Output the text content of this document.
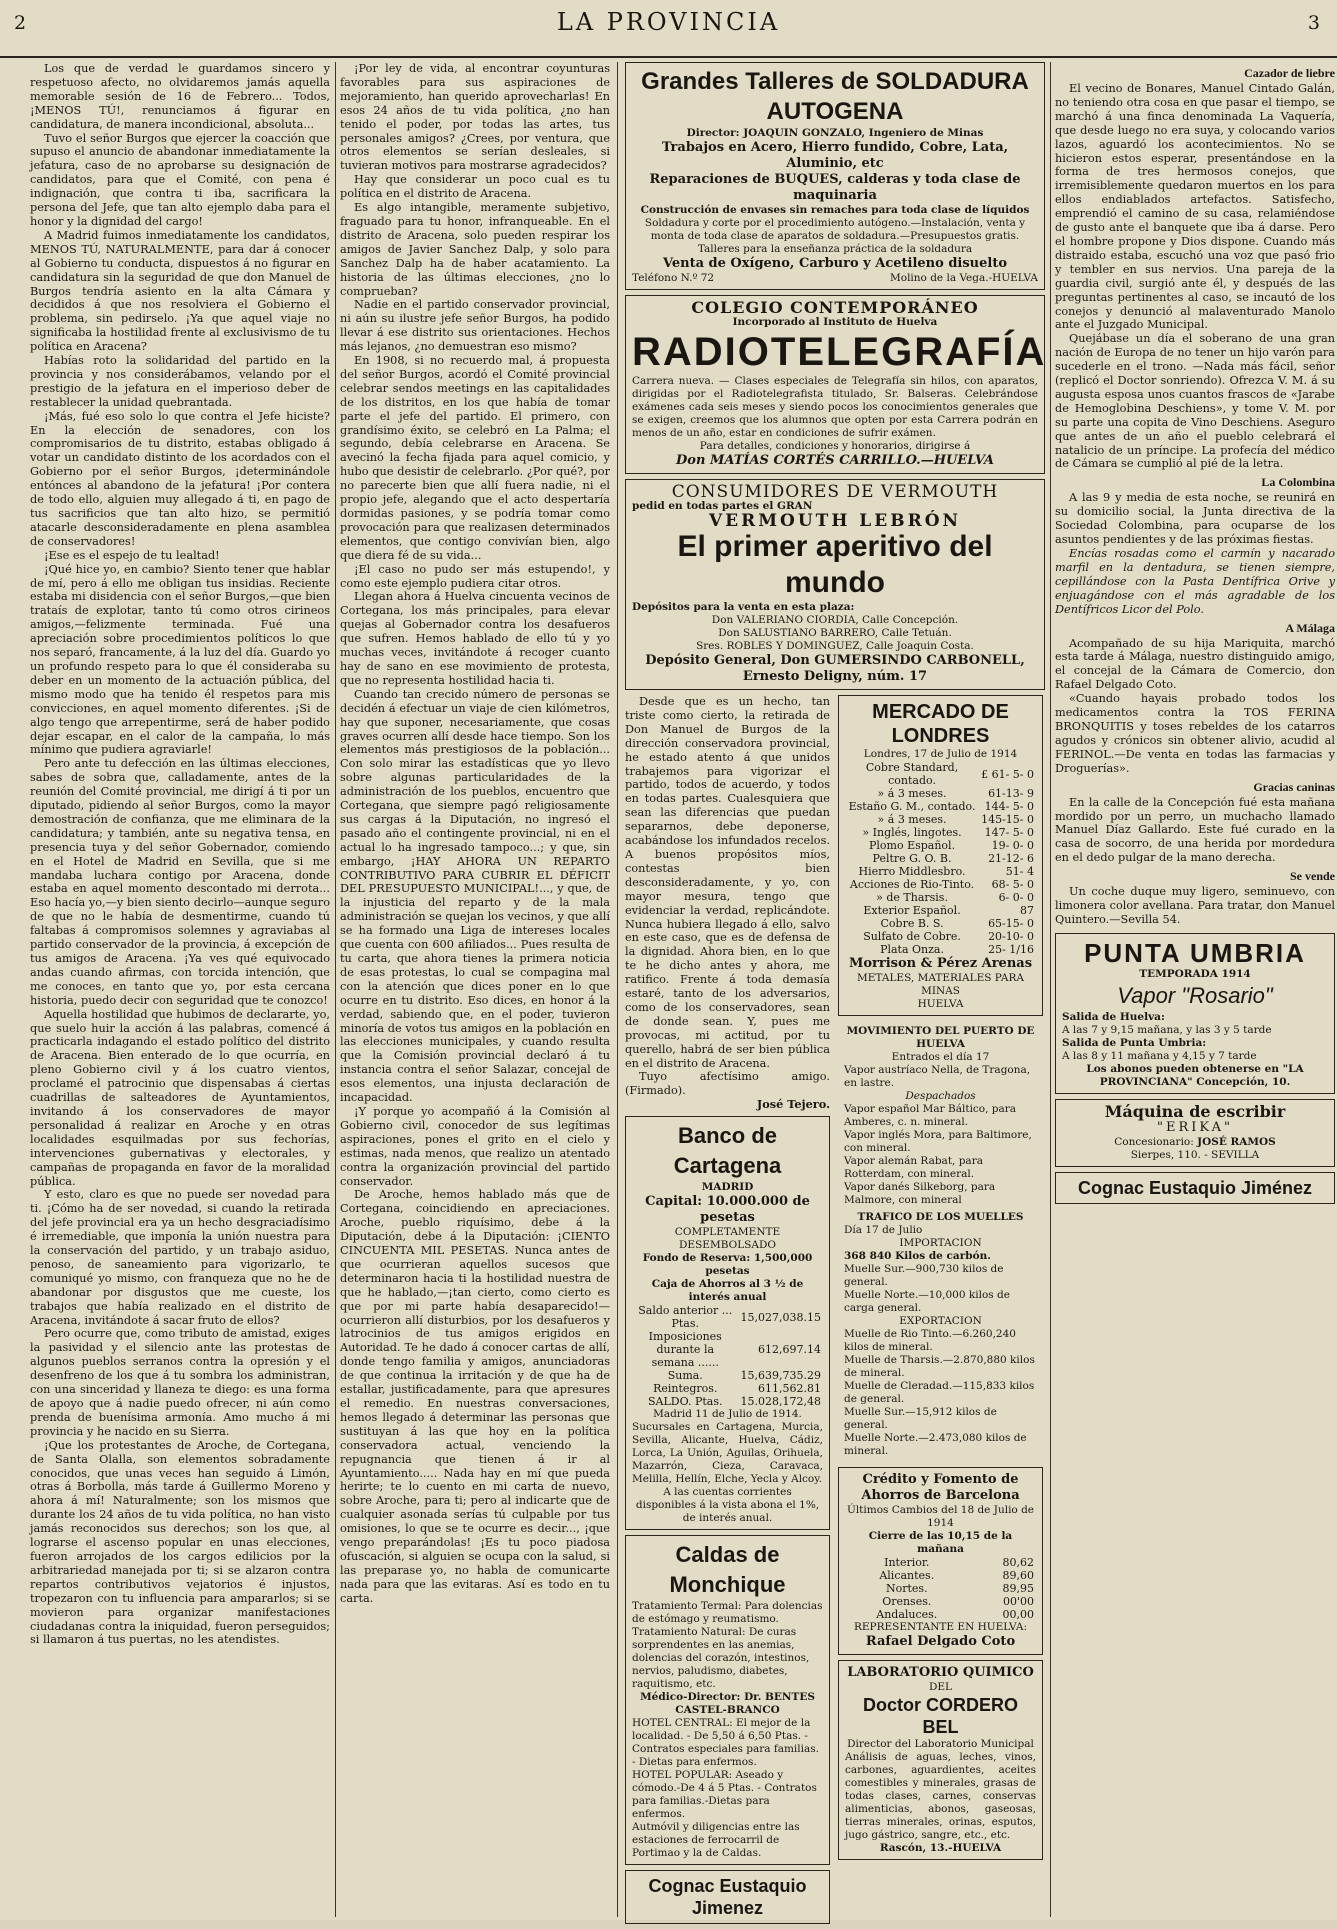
2	LA PROVINCIA	3

Los que de verdad le guardamos sincero y respetuoso afecto, no olvidaremos jamás aquella memorable sesión de 16 de Febrero... Todos, ¡MENOS TÚ!, renunciamos á figurar en candidatura, de manera incondicional, absoluta...

Tuvo el señor Burgos que ejercer la coacción que supuso el anuncio de abandonar inmediatamente la jefatura, caso de no aprobarse su designación de candidatos, para que el Comité, con pena é indignación, que contra ti iba, sacrificara la persona del Jefe, que tan alto ejemplo daba para el honor y la dignidad del cargo!

A Madrid fuimos inmediatamente los candidatos, MENOS TÚ, NATURALMENTE, para dar á conocer al Gobierno tu conducta, dispuestos á no figurar en candidatura sin la seguridad de que don Manuel de Burgos tendría asiento en la alta Cámara y decididos á que nos resolviera el Gobierno el problema, sin pedirselo. ¡Ya que aquel viaje no significaba la hostilidad frente al exclusivismo de tu política en Aracena?

Habías roto la solidaridad del partido en la provincia y nos considerábamos, velando por el prestigio de la jefatura en el imperioso deber de restablecer la unidad quebrantada.

¡Más, fué eso solo lo que contra el Jefe hiciste? En la elección de senadores, con los compromisarios de tu distrito, estabas obligado á votar un candidato distinto de los acordados con el Gobierno por el señor Burgos, ¡determinándole entónces al abandono de la jefatura! ¡Por contera de todo ello, alguien muy allegado á ti, en pago de tus sacrificios que tan alto hizo, se permitió atacarle desconsideradamente en plena asamblea de conservadores!

¡Ese es el espejo de tu lealtad!

¡Qué hice yo, en cambio? Siento tener que hablar de mí, pero á ello me obligan tus insidias. Reciente estaba mi disidencia con el señor Burgos,—que bien trataís de explotar, tanto tú como otros cirineos amigos,—felizmente terminada. Fué una apreciación sobre procedimientos políticos lo que nos separó, francamente, á la luz del día. Guardo yo un profundo respeto para lo que él consideraba su deber en un momento de la actuación pública, del mismo modo que ha tenido él respetos para mis convicciones, en aquel momento diferentes. ¡Si de algo tengo que arrepentirme, será de haber podido dejar escapar, en el calor de la campaña, lo más mínimo que pudiera agraviarle!

Pero ante tu defección en las últimas elecciones, sabes de sobra que, calladamente, antes de la reunión del Comité provincial, me dirigí á ti por un diputado, pidiendo al señor Burgos, como la mayor demostración de confianza, que me eliminara de la candidatura; y también, ante su negativa tensa, en presencia tuya y del señor Gobernador, comiendo en el Hotel de Madrid en Sevilla, que si me mandaba luchara contigo por Aracena, donde estaba en aquel momento descontado mi derrota... Eso hacía yo,—y bien siento decirlo—aunque seguro de que no le había de desmentirme, cuando tú faltabas á compromisos solemnes y agraviabas al partido conservador de la provincia, á excepción de tus amigos de Aracena. ¡Ya ves qué equivocado andas cuando afirmas, con torcida intención, que me conoces, en tanto que yo, por esta cercana historia, puedo decir con seguridad que te conozco!

Aquella hostilidad que hubimos de declararte, yo, que suelo huir la acción á las palabras, comencé á practicarla indagando el estado político del distrito de Aracena. Bien enterado de lo que ocurría, en pleno Gobierno civil y á los cuatro vientos, proclamé el patrocinio que dispensabas á ciertas cuadrillas de salteadores de Ayuntamientos, invitando á los conservadores de mayor personalidad á realizar en Aroche y en otras localidades esquilmadas por sus fechorías, intervenciones gubernativas y electorales, y campañas de propaganda en favor de la moralidad pública.

Y esto, claro es que no puede ser novedad para ti. ¡Cómo ha de ser novedad, si cuando la retirada del jefe provincial era ya un hecho desgraciadísimo é irremediable, que imponía la unión nuestra para la conservación del partido, y un trabajo asiduo, penoso, de saneamiento para vigorizarlo, te comuniqué yo mismo, con franqueza que no he de abandonar por disgustos que me cueste, los trabajos que había realizado en el distrito de Aracena, invitándote á sacar fruto de ellos?

Pero ocurre que, como tributo de amistad, exiges la pasividad y el silencio ante las protestas de algunos pueblos serranos contra la opresión y el desenfreno de los que á tu sombra los administran, con una sinceridad y llaneza te diego: es una forma de apoyo que á nadie puedo ofrecer, ni aún como prenda de buenísima armonía. Amo mucho á mi provincia y he nacido en su Sierra.

¡Que los protestantes de Aroche, de Cortegana, de Santa Olalla, son elementos sobradamente conocidos, que unas veces han seguido á Limón, otras á Borbolla, más tarde á Guillermo Moreno y ahora á mí! Naturalmente; son los mismos que durante los 24 años de tu vida política, no han visto jamás reconocidos sus derechos; son los que, al lograrse el ascenso popular en unas elecciones, fueron arrojados de los cargos edilicios por la arbitrariedad manejada por ti; si se alzaron contra repartos contributivos vejatorios é injustos, tropezaron con tu influencia para ampararlos; si se movieron para organizar manifestaciones ciudadanas contra la iniquidad, fueron perseguidos; si llamaron á tus puertas, no les atendistes.

¡Por ley de vida, al encontrar coyunturas favorables para sus aspiraciones de mejoramiento, han querido aprovecharlas! En esos 24 años de tu vida política, ¿no han tenido el poder, por todas las artes, tus personales amigos? ¿Crees, por ventura, que otros elementos se serían desleales, si tuvieran motivos para mostrarse agradecidos?

Hay que considerar un poco cual es tu política en el distrito de Aracena.

Es algo intangible, meramente subjetivo, fraguado para tu honor, infranqueable. En el distrito de Aracena, solo pueden respirar los amigos de Javier Sanchez Dalp, y solo para Sanchez Dalp ha de haber acatamiento. La historia de las últimas elecciones, ¿no lo comprueban?

Nadie en el partido conservador provincial, ni aún su ilustre jefe señor Burgos, ha podido llevar á ese distrito sus orientaciones. Hechos más lejanos, ¿no demuestran eso mismo?

En 1908, si no recuerdo mal, á propuesta del señor Burgos, acordó el Comité provincial celebrar sendos meetings en las capitalidades de los distritos, en los que había de tomar parte el jefe del partido. El primero, con grandísimo éxito, se celebró en La Palma; el segundo, debía celebrarse en Aracena. Se avecinó la fecha fijada para aquel comicio, y hubo que desistir de celebrarlo. ¿Por qué?, por no parecerte bien que allí fuera nadie, ni el propio jefe, alegando que el acto despertaría dormidas pasiones, y se podría tomar como provocación para que realizasen determinados elementos, que contigo convivían bien, algo que diera fé de su vida...

¡El caso no pudo ser más estupendo!, y como este ejemplo pudiera citar otros.

Llegan ahora á Huelva cincuenta vecinos de Cortegana, los más principales, para elevar quejas al Gobernador contra los desafueros que sufren. Hemos hablado de ello tú y yo muchas veces, invitándote á recoger cuanto hay de sano en ese movimiento de protesta, que no representa hostilidad hacia ti.

Cuando tan crecido número de personas se decidén á efectuar un viaje de cien kilómetros, hay que suponer, necesariamente, que cosas graves ocurren allí desde hace tiempo. Son los elementos más prestigiosos de la población... Con solo mirar las estadísticas que yo llevo sobre algunas particularidades de la administración de los pueblos, encuentro que Cortegana, que siempre pagó religiosamente sus cargas á la Diputación, no ingresó el pasado año el contingente provincial, ni en el actual lo ha ingresado tampoco...; y que, sin embargo, ¡HAY AHORA UN REPARTO CONTRIBUTIVO PARA CUBRIR EL DÉFICIT DEL PRESUPUESTO MUNICIPAL!..., y que, de la injusticia del reparto y de la mala administración se quejan los vecinos, y que allí se ha formado una Liga de intereses locales que cuenta con 600 afiliados... Pues resulta de tu carta, que ahora tienes la primera noticia de esas protestas, lo cual se compagina mal con la atención que dices poner en lo que ocurre en tu distrito. Eso dices, en honor á la verdad, sabiendo que, en el poder, tuvieron minoría de votos tus amigos en la población en las elecciones municipales, y cuando resulta que la Comisión provincial declaró á tu instancia contra el señor Salazar, concejal de esos elementos, una injusta declaración de incapacidad.

¡Y porque yo acompañó á la Comisión al Gobierno civil, conocedor de sus legítimas aspiraciones, pones el grito en el cielo y estimas, nada menos, que realizo un atentado contra la organización provincial del partido conservador.

De Aroche, hemos hablado más que de Cortegana, coincidiendo en apreciaciones. Aroche, pueblo riquísimo, debe á la Diputación, debe á la Diputación: ¡CIENTO CINCUENTA MIL PESETAS. Nunca antes de que ocurrieran aquellos sucesos que determinaron hacia ti la hostilidad nuestra de que he hablado,—¡tan cierto, como cierto es que por mi parte había desaparecido!—ocurrieron allí disturbios, por los desafueros y latrocinios de tus amigos erigidos en Autoridad. Te he dado á conocer cartas de allí, donde tengo familia y amigos, anunciadoras de que continua la irritación y de que ha de estallar, justificadamente, para que apresures el remedio. En nuestras conversaciones, hemos llegado á determinar las personas que sustituyan á las que hoy en la política conservadora actual, venciendo la repugnancia que tienen á ir al Ayuntamiento..... Nada hay en mí que pueda herirte; te lo cuento en mi carta de nuevo, sobre Aroche, para ti; pero al indicarte que de cualquier asonada serías tú culpable por tus omisiones, lo que se te ocurre es decir..., ¡que vengo preparándolas! ¡Es tu poco piadosa ofuscación, si alguien se ocupa con la salud, si las preparase yo, no habla de comunicarte nada para que las evitaras. Así es todo en tu carta.

Grandes Talleres de SOLDADURA AUTOGENA
Director: JOAQUIN GONZALO, Ingeniero de Minas
Trabajos en Acero, Hierro fundido, Cobre, Lata, Aluminio, etc
Reparaciones de BUQUES, calderas y toda clase de maquinaria
Construcción de envases sin remaches para toda clase de líquidos
Soldadura y corte por el procedimiento autógeno.—Instalación, venta y monta de toda clase de aparatos de soldadura.—Presupuestos gratis.
Talleres para la enseñanza práctica de la soldadura
Venta de Oxígeno, Carburo y Acetileno disuelto
Teléfono N.º 72	Molino de la Vega.-HUELVA
COLEGIO CONTEMPORÁNEO
Incorporado al Instituto de Huelva
RADIOTELEGRAFÍA
Carrera nueva. — Clases especiales de Telegrafía sin hilos, con aparatos, dirigidas por el Radiotelegrafista titulado, Sr. Balseras. Celebrándose exámenes cada seis meses y siendo pocos los conocimientos generales que se exigen, creemos que los alumnos que opten por esta Carrera podrán en menos de un año, estar en condiciones de sufrir exámen.
Para detalles, condiciones y honorarios, dirigirse á
Don MATÍAS CORTÉS CARRILLO.—HUELVA
CONSUMIDORES DE VERMOUTH
pedid en todas partes el GRAN
VERMOUTH LEBRÓN
El primer aperitivo del mundo
Depósitos para la venta en esta plaza:
Don VALERIANO CIORDIA, Calle Concepción.
Don SALUSTIANO BARRERO, Calle Tetuán.
Sres. ROBLES Y DOMINGUEZ, Calle Joaquin Costa.
Depósito General, Don GUMERSINDO CARBONELL, Ernesto Deligny, núm. 17

Desde que es un hecho, tan triste como cierto, la retirada de Don Manuel de Burgos de la dirección conservadora provincial, he estado atento á que unidos trabajemos para vigorizar el partido, todos de acuerdo, y todos en todas partes. Cualesquiera que sean las diferencias que puedan separarnos, debe deponerse, acabándose los infundados recelos. A buenos propósitos míos, contestas bien desconsideradamente, y yo, con mayor mesura, tengo que evidenciar la verdad, replicándote. Nunca hubiera llegado á ello, salvo en este caso, que es de defensa de la dignidad. Ahora bien, en lo que te he dicho antes y ahora, me ratifico. Frente á toda demasía estaré, tanto de los adversarios, como de los conservadores, sean de donde sean. Y, pues me provocas, mi actitud, por tu querello, habrá de ser bien pública en el distrito de Aracena.

Tuyo afectísimo amigo. (Firmado).

José Tejero.

Banco de Cartagena
MADRID
Capital: 10.000.000 de pesetas
COMPLETAMENTE DESEMBOLSADO
Fondo de Reserva: 1,500,000 pesetas
Caja de Ahorros al 3 ½ de interés anual
Saldo anterior ... Ptas.	15,027,038.15
Imposiciones durante la semana ......	612,697.14
Suma.	15,639,735.29
Reintegros.	611,562.81
SALDO. Ptas.	15.028,172,48
Madrid 11 de Julio de 1914.
Sucursales en Cartagena, Murcia, Sevilla, Alicante, Huelva, Cádiz, Lorca, La Unión, Aguilas, Orihuela, Mazarrón, Cieza, Caravaca, Melilla, Hellín, Elche, Yecla y Alcoy.
A las cuentas corrientes disponibles á la vista abona el 1%, de interés anual.
Caldas de Monchique
Tratamiento Termal: Para dolencias de estómago y reumatismo.
Tratamiento Natural: De curas sorprendentes en las anemias, dolencias del corazón, intestinos, nervios, paludismo, diabetes, raquitismo, etc.
Médico-Director: Dr. BENTES CASTEL-BRANCO
HOTEL CENTRAL: El mejor de la localidad. - De 5,50 á 6,50 Ptas. - Contratos especiales para familias. - Dietas para enfermos.
HOTEL POPULAR: Aseado y cómodo.-De 4 á 5 Ptas. - Contratos para familias.-Dietas para enfermos.
Autmóvil y diligencias entre las estaciones de ferrocarril de Portimao y la de Caldas.
Cognac Eustaquio Jimenez
MERCADO DE LONDRES
Londres, 17 de Julio de 1914
Cobre Standard, contado.	£ 61- 5- 0
» á 3 meses.	61-13- 9
Estaño G. M., contado.	144- 5- 0
» á 3 meses.	145-15- 0
» Inglés, lingotes.	147- 5- 0
Plomo Español.	19- 0- 0
Peltre G. O. B.	21-12- 6
Hierro Middlesbro.	51- 4
Acciones de Rio-Tinto.	68- 5- 0
» de Tharsis.	6- 0- 0
Exterior Español.	87
Cobre B. S.	65-15- 0
Sulfato de Cobre.	20-10- 0
Plata Onza.	25- 1/16
Morrison & Pérez Arenas
METALES, MATERIALES PARA MINAS
HUELVA
MOVIMIENTO DEL PUERTO DE HUELVA
Entrados el día 17
Vapor austríaco Nella, de Tragona, en lastre.
Despachados
Vapor español Mar Báltico, para Amberes, c. n. mineral.
Vapor inglés Mora, para Baltimore, con mineral.
Vapor alemán Rabat, para Rotterdam, con mineral.
Vapor danés Silkeborg, para Malmore, con mineral
TRAFICO DE LOS MUELLES
Día 17 de Julio
IMPORTACION
368 840 Kilos de carbón.
Muelle Sur.—900,730 kilos de general.
Muelle Norte.—10,000 kilos de carga general.
EXPORTACION
Muelle de Rio Tinto.—6.260,240 kilos de mineral.
Muelle de Tharsis.—2.870,880 kilos de mineral.
Muelle de Cleradad.—115,833 kilos de general.
Muelle Sur.—15,912 kilos de general.
Muelle Norte.—2.473,080 kilos de mineral.
Crédito y Fomento de Ahorros de Barcelona
Últimos Cambios del 18 de Julio de 1914
Cierre de las 10,15 de la mañana
Interior.	80,62
Alicantes.	89,60
Nortes.	89,95
Orenses.	00'00
Andaluces.	00,00
REPRESENTANTE EN HUELVA:
Rafael Delgado Coto
LABORATORIO QUIMICO
DEL
Doctor CORDERO BEL
Director del Laboratorio Municipal
Análisis de aguas, leches, vinos, carbones, aguardientes, aceites comestibles y minerales, grasas de todas clases, carnes, conservas alimenticias, abonos, gaseosas, tierras minerales, orinas, esputos, jugo gástrico, sangre, etc., etc.
Rascón, 13.-HUELVA
Cazador de liebre

El vecino de Bonares, Manuel Cintado Galán, no teniendo otra cosa en que pasar el tiempo, se marchó á una finca denominada La Vaquería, que desde luego no era suya, y colocando varios lazos, aguardó los acontecimientos. No se hicieron estos esperar, presentándose en la forma de tres hermosos conejos, que irremisiblemente quedaron muertos en los para ellos endiablados artefactos. Satisfecho, emprendió el camino de su casa, relamiéndose de gusto ante el banquete que iba á darse. Pero el hombre propone y Dios dispone. Cuando más distraido estaba, escuchó una voz que pasó frio y tembler en sus nervios. Una pareja de la guardia civil, surgió ante él, y después de las preguntas pertinentes al caso, se incautó de los conejos y denunció al malaventurado Manolo ante el Juzgado Municipal.

Quejábase un día el soberano de una gran nación de Europa de no tener un hijo varón para sucederle en el trono. —Nada más fácil, señor (replicó el Doctor sonriendo). Ofrezca V. M. á su augusta esposa unos cuantos frascos de «Jarabe de Hemoglobina Deschiens», y tome V. M. por su parte una copita de Vino Deschiens. Aseguro que antes de un año el pueblo celebrará el natalicio de un príncipe. La profecía del médico de Cámara se cumplió al pié de la letra.

La Colombina

A las 9 y media de esta noche, se reunirá en su domicilio social, la Junta directiva de la Sociedad Colombina, para ocuparse de los asuntos pendientes y de las próximas fiestas.

Encías rosadas como el carmín y nacarado marfil en la dentadura, se tienen siempre, cepillándose con la Pasta Dentífrica Orive y enjuagándose con el más agradable de los Dentífricos Licor del Polo.

A Málaga

Acompañado de su hija Mariquita, marchó esta tarde á Málaga, nuestro distinguido amigo, el concejal de la Cámara de Comercio, don Rafael Delgado Coto.

«Cuando hayais probado todos los medicamentos contra la TOS FERINA BRONQUITIS y toses rebeldes de los catarros agudos y crónicos sin obtener alivio, acudid al FERINOL.—De venta en todas las farmacias y Droguerías».

Gracias caninas

En la calle de la Concepción fué esta mañana mordido por un perro, un muchacho llamado Manuel Díaz Gallardo. Este fué curado en la casa de socorro, de una herida por mordedura en el dedo pulgar de la mano derecha.

Se vende

Un coche duque muy ligero, seminuevo, con limonera color avellana. Para tratar, don Manuel Quintero.—Sevilla 54.

PUNTA UMBRIA
TEMPORADA 1914
Vapor "Rosario"
Salida de Huelva:
A las 7 y 9,15 mañana, y las 3 y 5 tarde
Salida de Punta Umbria:
A las 8 y 11 mañana y 4,15 y 7 tarde
Los abonos pueden obtenerse en "LA PROVINCIANA" Concepción, 10.
Máquina de escribir
"ERIKA"
Concesionario: JOSÉ RAMOS
Sierpes, 110. - SEVILLA
Cognac Eustaquio Jiménez
